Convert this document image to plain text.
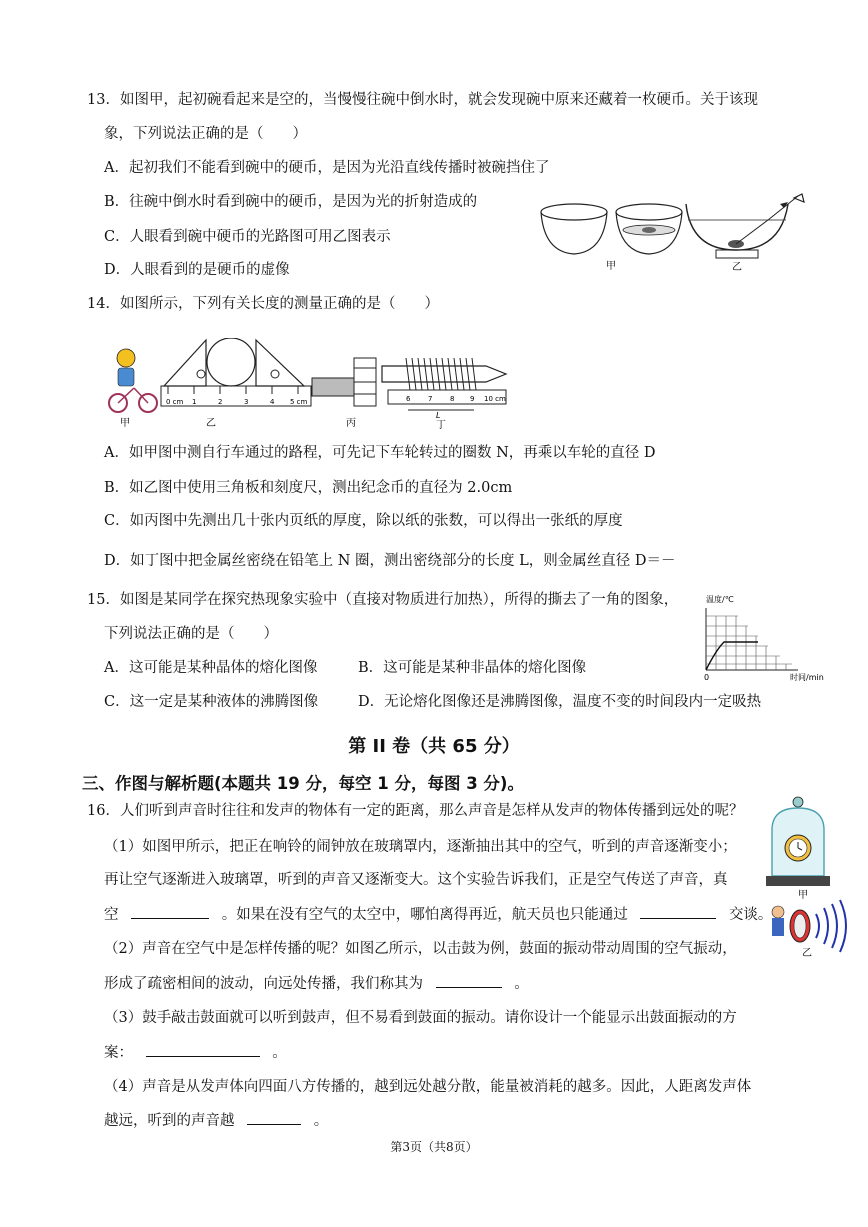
13．如图甲，起初碗看起来是空的，当慢慢往碗中倒水时，就会发现碗中原来还藏着一枚硬币。关于该现
象，下列说法正确的是（　　）
A．起初我们不能看到碗中的硬币，是因为光沿直线传播时被碗挡住了
B．往碗中倒水时看到碗中的硬币，是因为光的折射造成的
C．人眼看到碗中硬币的光路图可用乙图表示
D．人眼看到的是硬币的虚像	甲	乙
14．如图所示，下列有关长度的测量正确的是（　　）
甲
0 cm 1	2	3	4 5 cm
乙	丙
6	7	8 9 10 cm
L
丁
A．如甲图中测自行车通过的路程，可先记下车轮转过的圈数 N，再乘以车轮的直径 D
B．如乙图中使用三角板和刻度尺，测出纪念币的直径为 2.0cm
C．如丙图中先测出几十张内页纸的厚度，除以纸的张数，可以得出一张纸的厚度
D．如丁图中把金属丝密绕在铅笔上 N 圈，测出密绕部分的长度 L，则金属丝直径 D＝－
15．如图是某同学在探究热现象实验中（直接对物质进行加热），所得的撕去了一角的图象，
下列说法正确的是（　　）
A．这可能是某种晶体的熔化图像	B．这可能是某种非晶体的熔化图像
C．这一定是某种液体的沸腾图像	D．无论熔化图像还是沸腾图像，温度不变的时间段内一定吸热
温度/℃
0	时间/min
第 II 卷（共 65 分）
三、作图与解析题(本题共 19 分，每空 1 分，每图 3 分)。
16．人们听到声音时往往和发声的物体有一定的距离，那么声音是怎样从发声的物体传播到远处的呢？
（1）如图甲所示，把正在响铃的闹钟放在玻璃罩内，逐渐抽出其中的空气，听到的声音逐渐变小；
再让空气逐渐进入玻璃罩，听到的声音又逐渐变大。这个实验告诉我们，正是空气传送了声音，真
空	。如果在没有空气的太空中，哪怕离得再近，航天员也只能通过	交谈。
（2）声音在空气中是怎样传播的呢？如图乙所示，以击鼓为例，鼓面的振动带动周围的空气振动，
形成了疏密相间的波动，向远处传播，我们称其为	。
（3）鼓手敲击鼓面就可以听到鼓声，但不易看到鼓面的振动。请你设计一个能显示出鼓面振动的方
案：	。
（4）声音是从发声体向四面八方传播的，越到远处越分散，能量被消耗的越多。因此，人距离发声体
越远，听到的声音越	。
甲
乙
第3页（共8页）
